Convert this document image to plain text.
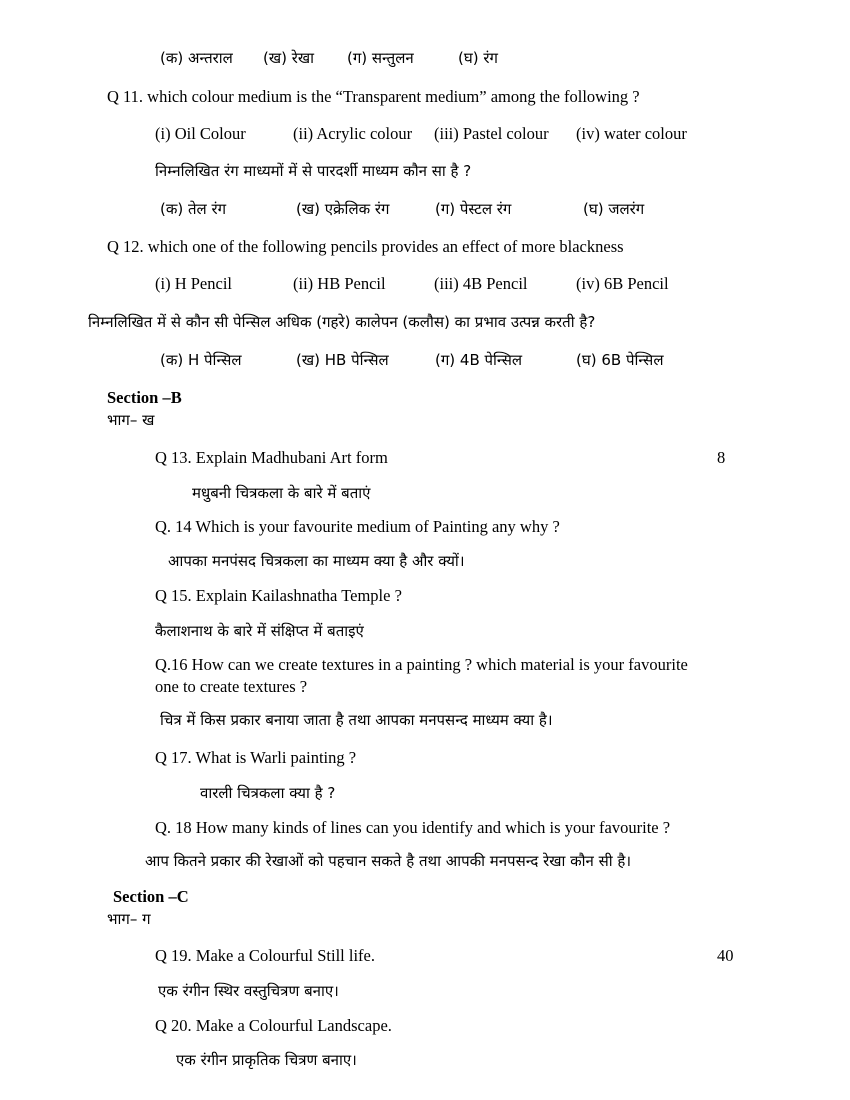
(क) अन्तराल (ख) रेखा (ग) सन्तुलन	(घ) रंग
Q 11. which colour medium is the “Transparent medium” among the following ?
(i) Oil Colour	(ii) Acrylic colour (iii) Pastel colour (iv) water colour
निम्नलिखित रंग माध्यमों में से पारदर्शी माध्यम कौन सा है ?
(क) तेल रंग	(ख) एक्रेलिक रंग	(ग) पेस्टल रंग	(घ) जलरंग
Q 12. which one of the following pencils provides an effect of more blackness
(i) H Pencil	(ii) HB Pencil	(iii) 4B Pencil	(iv) 6B Pencil
निम्नलिखित में से कौन सी पेन्सिल अधिक (गहरे) कालेपन (कलौस) का प्रभाव उत्पन्न करती है?
(क) H पेन्सिल	(ख) HB पेन्सिल	(ग) 4B पेन्सिल	(घ) 6B पेन्सिल
Section –B
भाग– ख
Q 13. Explain Madhubani Art form	8
मधुबनी चित्रकला के बारे में बताएं
Q. 14 Which is your favourite medium of Painting any why ?
आपका मनपंसद चित्रकला का माध्यम क्या है और क्यों।
Q 15. Explain Kailashnatha Temple ?
कैलाशनाथ के बारे में संक्षिप्त में बताइएं
Q.16 How can we create textures in a painting ? which material is your favourite
one to create textures ?
चित्र में किस प्रकार बनाया जाता है तथा आपका मनपसन्द माध्यम क्या है।
Q 17. What is Warli painting ?
वारली चित्रकला क्या है ?
Q. 18 How many kinds of lines can you identify and which is your favourite ?
आप कितने प्रकार की रेखाओं को पहचान सकते है तथा आपकी मनपसन्द रेखा कौन सी है।
Section –C
भाग– ग
Q 19. Make a Colourful Still life.	40
एक रंगीन स्थिर वस्तुचित्रण बनाए।
Q 20. Make a Colourful Landscape.
एक रंगीन प्राकृतिक चित्रण बनाए।
